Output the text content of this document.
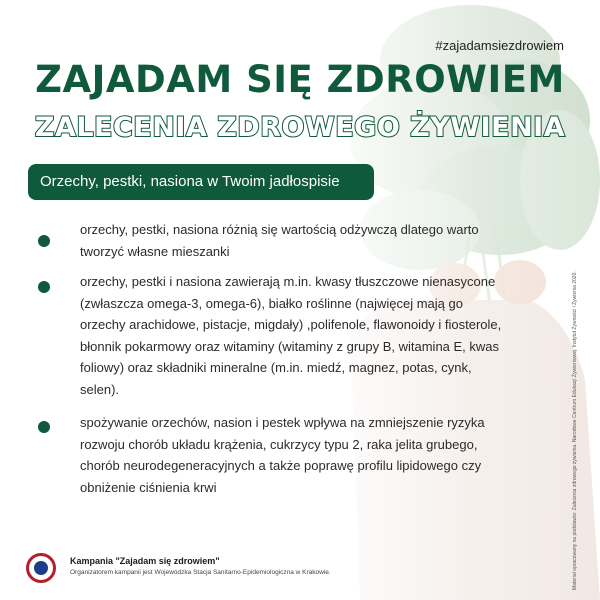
#zajadamsiezdrowiem
ZAJADAM SIĘ ZDROWIEM
ZALECENIA ZDROWEGO ŻYWIENIA
Orzechy, pestki, nasiona w Twoim jadłospisie
orzechy, pestki, nasiona różnią się wartością odżywczą dlatego warto tworzyć własne mieszanki
orzechy, pestki i nasiona zawierają m.in. kwasy tłuszczowe nienasycone (zwłaszcza omega-3, omega-6), białko roślinne (najwięcej mają go orzechy arachidowe, pistacje, migdały) ,polifenole, flawonoidy i fiosterole, błonnik pokarmowy oraz witaminy (witaminy z grupy B, witamina E, kwas foliowy) oraz składniki mineralne (m.in. miedź, magnez, potas, cynk, selen).
spożywanie orzechów, nasion i pestek wpływa na zmniejszenie ryzyka rozwoju chorób układu krążenia, cukrzycy typu 2, raka jelita grubego, chorób neurodegeneracyjnych a także poprawę profilu lipidowego czy obniżenie ciśnienia krwi	Materiał opracowany na podstawie: Zalecenia zdrowego żywienia. Narodowe Centrum Edukacji Żywieniowej. Instytut Żywności i Żywienia 2020.
Kampania "Zajadam się zdrowiem"
Organizatorem kampanii jest Wojewódzka Stacja Sanitarno-Epidemiologiczna w Krakowie.
